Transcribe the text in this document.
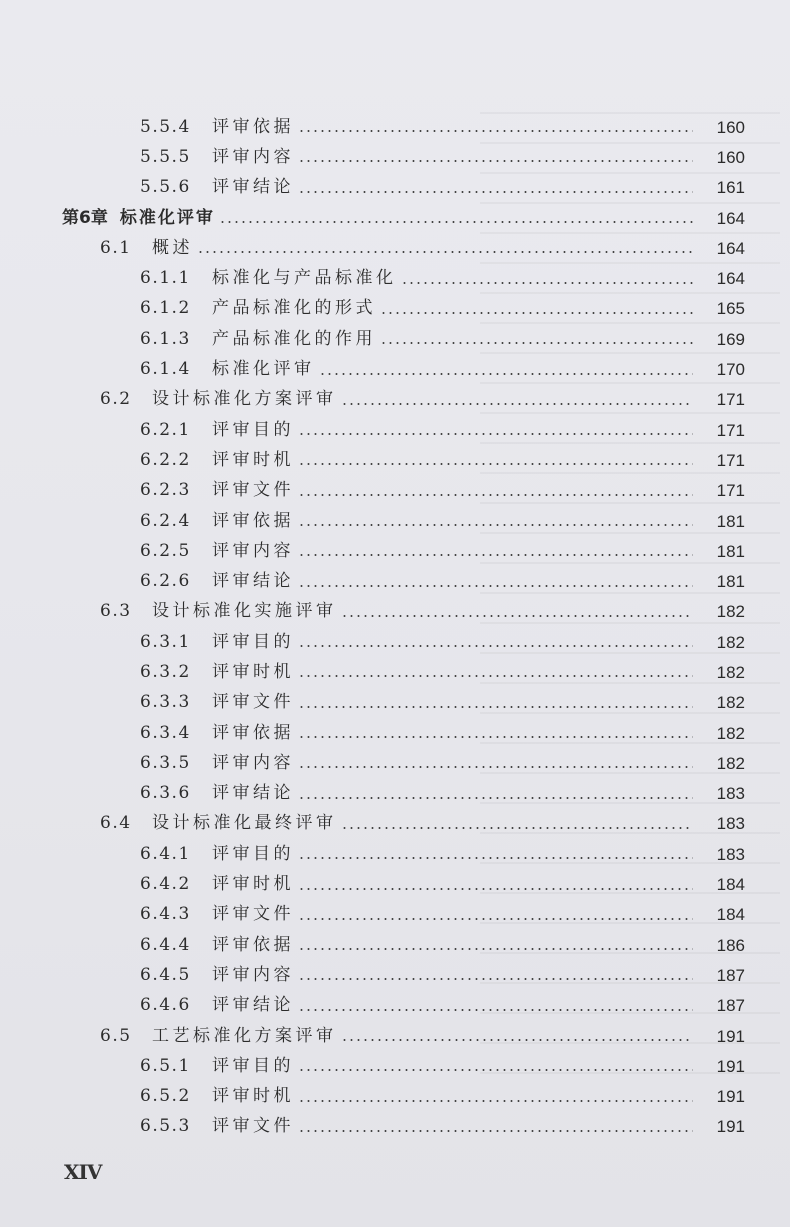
5.5.4	评审依据	160
5.5.5	评审内容	160
5.5.6	评审结论	161
第6章 标准化评审	164
6.1	概述	164
6.1.1	标准化与产品标准化	164
6.1.2	产品标准化的形式	165
6.1.3	产品标准化的作用	169
6.1.4	标准化评审	170
6.2	设计标准化方案评审	171
6.2.1	评审目的	171
6.2.2	评审时机	171
6.2.3	评审文件	171
6.2.4	评审依据	181
6.2.5	评审内容	181
6.2.6	评审结论	181
6.3	设计标准化实施评审	182
6.3.1	评审目的	182
6.3.2	评审时机	182
6.3.3	评审文件	182
6.3.4	评审依据	182
6.3.5	评审内容	182
6.3.6	评审结论	183
6.4	设计标准化最终评审	183
6.4.1	评审目的	183
6.4.2	评审时机	184
6.4.3	评审文件	184
6.4.4	评审依据	186
6.4.5	评审内容	187
6.4.6	评审结论	187
6.5	工艺标准化方案评审	191
6.5.1	评审目的	191
6.5.2	评审时机	191
6.5.3	评审文件	191
XIV
